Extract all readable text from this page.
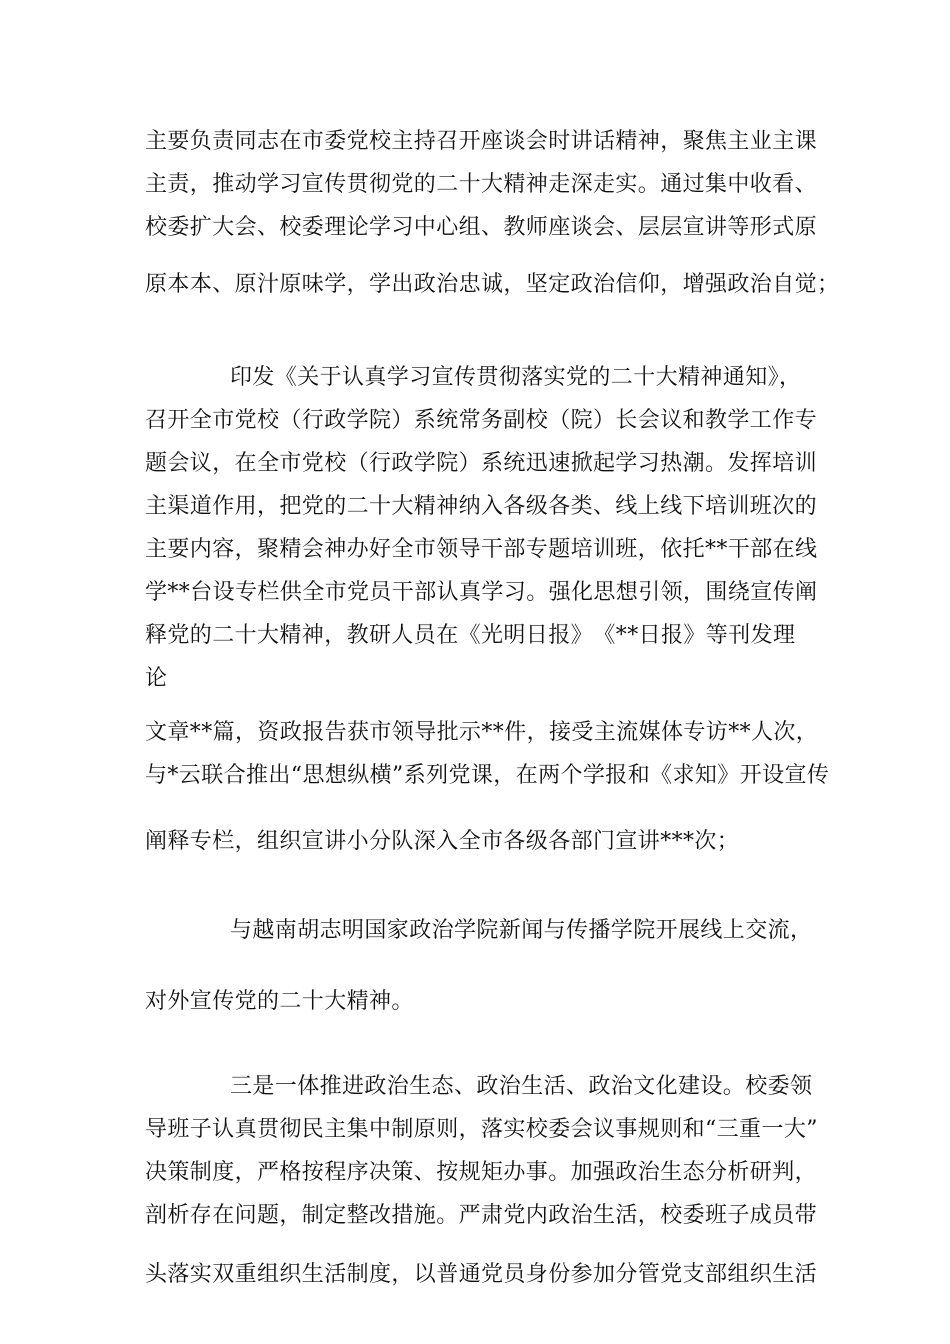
主要负责同志在市委党校主持召开座谈会时讲话精神，聚焦主业主课
主责，推动学习宣传贯彻党的二十大精神走深走实。通过集中收看、
校委扩大会、校委理论学习中心组、教师座谈会、层层宣讲等形式原
原本本、原汁原味学，学出政治忠诚，坚定政治信仰，增强政治自觉；
印发《关于认真学习宣传贯彻落实党的二十大精神通知》，
召开全市党校（行政学院）系统常务副校（院）长会议和教学工作专
题会议，在全市党校（行政学院）系统迅速掀起学习热潮。发挥培训
主渠道作用，把党的二十大精神纳入各级各类、线上线下培训班次的
主要内容，聚精会神办好全市领导干部专题培训班，依托**干部在线
学**台设专栏供全市党员干部认真学习。强化思想引领，围绕宣传阐
释党的二十大精神，教研人员在《光明日报》　《**日报》等刊发理
论
文章**篇，资政报告获市领导批示**件，接受主流媒体专访**人次，
与*云联合推出“思想纵横”系列党课，在两个学报和《求知》开设宣传
阐释专栏，组织宣讲小分队深入全市各级各部门宣讲***次；
与越南胡志明国家政治学院新闻与传播学院开展线上交流，
对外宣传党的二十大精神。
三是一体推进政治生态、政治生活、政治文化建设。校委领
导班子认真贯彻民主集中制原则，落实校委会议事规则和“三重一大”
决策制度，严格按程序决策、按规矩办事。加强政治生态分析研判，
剖析存在问题，制定整改措施。严肃党内政治生活，校委班子成员带
头落实双重组织生活制度，以普通党员身份参加分管党支部组织生活
